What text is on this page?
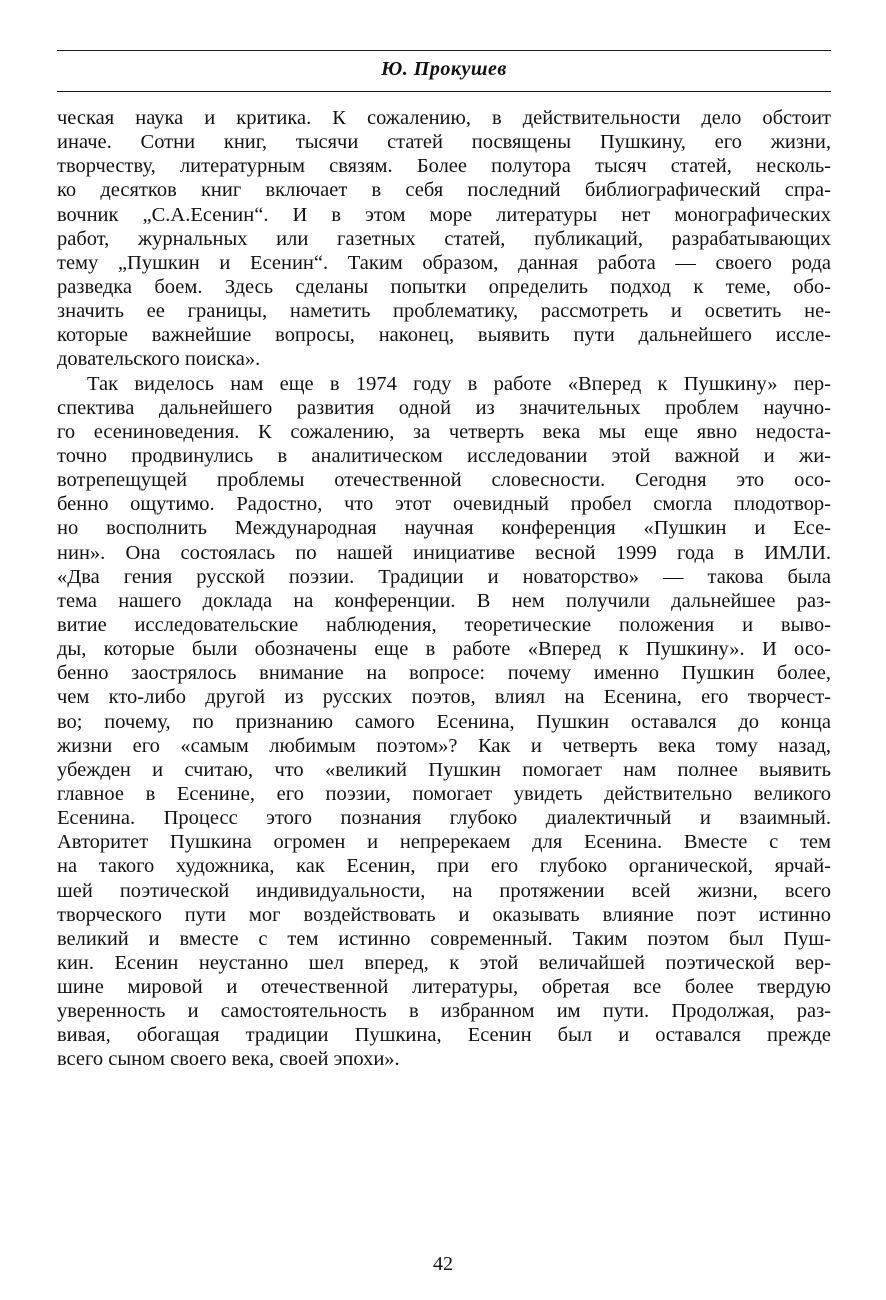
Ю. Прокушев
ческая наука и критика. К сожалению, в действительности дело обстоит
иначе. Сотни книг, тысячи статей посвящены Пушкину, его жизни,
творчеству, литературным связям. Более полутора тысяч статей, несколь-
ко десятков книг включает в себя последний библиографический спра-
вочник „С.А.Есенин“. И в этом море литературы нет монографических
работ, журнальных или газетных статей, публикаций, разрабатывающих
тему „Пушкин и Есенин“. Таким образом, данная работа — своего рода
разведка боем. Здесь сделаны попытки определить подход к теме, обо-
значить ее границы, наметить проблематику, рассмотреть и осветить не-
которые важнейшие вопросы, наконец, выявить пути дальнейшего иссле-
довательского поиска».
Так виделось нам еще в 1974 году в работе «Вперед к Пушкину» пер-
спектива дальнейшего развития одной из значительных проблем научно-
го есениноведения. К сожалению, за четверть века мы еще явно недоста-
точно продвинулись в аналитическом исследовании этой важной и жи-
вотрепещущей проблемы отечественной словесности. Сегодня это осо-
бенно ощутимо. Радостно, что этот очевидный пробел смогла плодотвор-
но восполнить Международная научная конференция «Пушкин и Есе-
нин». Она состоялась по нашей инициативе весной 1999 года в ИМЛИ.
«Два гения русской поэзии. Традиции и новаторство» — такова была
тема нашего доклада на конференции. В нем получили дальнейшее раз-
витие исследовательские наблюдения, теоретические положения и выво-
ды, которые были обозначены еще в работе «Вперед к Пушкину». И осо-
бенно заострялось внимание на вопросе: почему именно Пушкин более,
чем кто-либо другой из русских поэтов, влиял на Есенина, его творчест-
во; почему, по признанию самого Есенина, Пушкин оставался до конца
жизни его «самым любимым поэтом»? Как и четверть века тому назад,
убежден и считаю, что «великий Пушкин помогает нам полнее выявить
главное в Есенине, его поэзии, помогает увидеть действительно великого
Есенина. Процесс этого познания глубоко диалектичный и взаимный.
Авторитет Пушкина огромен и непререкаем для Есенина. Вместе с тем
на такого художника, как Есенин, при его глубоко органической, ярчай-
шей поэтической индивидуальности, на протяжении всей жизни, всего
творческого пути мог воздействовать и оказывать влияние поэт истинно
великий и вместе с тем истинно современный. Таким поэтом был Пуш-
кин. Есенин неустанно шел вперед, к этой величайшей поэтической вер-
шине мировой и отечественной литературы, обретая все более твердую
уверенность и самостоятельность в избранном им пути. Продолжая, раз-
вивая, обогащая традиции Пушкина, Есенин был и оставался прежде
всего сыном своего века, своей эпохи».
42
